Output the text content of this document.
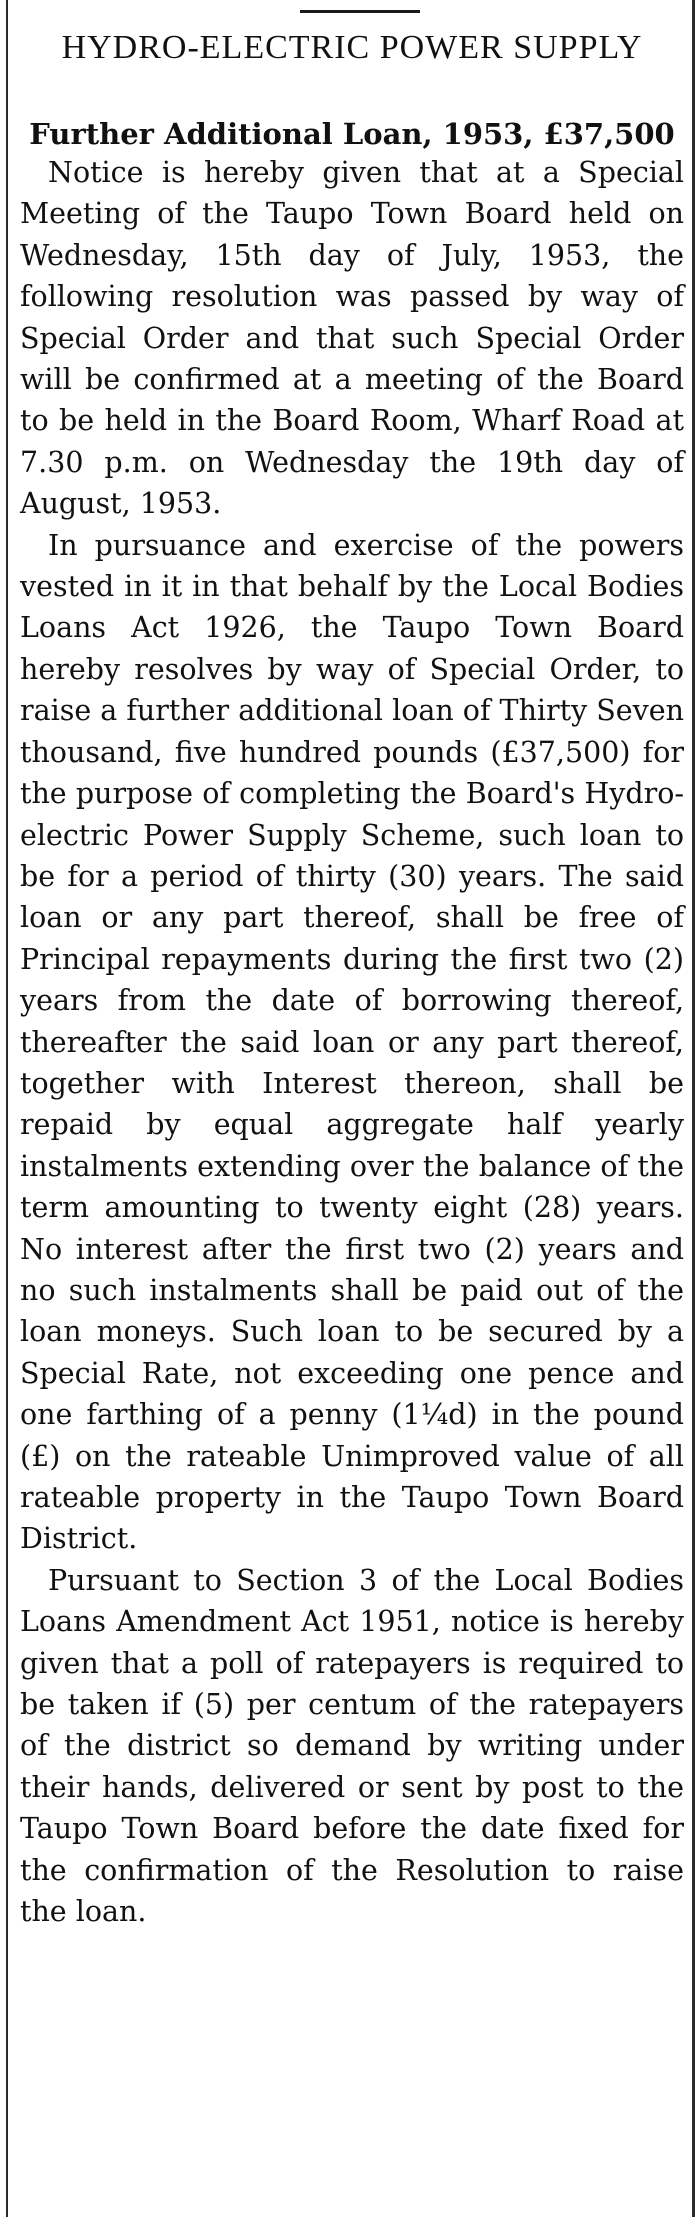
HYDRO-ELECTRIC POWER SUPPLY
Further Additional Loan, 1953, £37,500

Notice is hereby given that at a Special Meeting of the Taupo Town Board held on Wednesday, 15th day of July, 1953, the following resolution was passed by way of Special Order and that such Special Order will be confirmed at a meeting of the Board to be held in the Board Room, Wharf Road at 7.30 p.m. on Wednesday the 19th day of August, 1953.

In pursuance and exercise of the powers vested in it in that behalf by the Local Bodies Loans Act 1926, the Taupo Town Board hereby resolves by way of Special Order, to raise a further additional loan of Thirty Seven thousand, five hundred pounds (£37,500) for the purpose of completing the Board's Hydro-electric Power Supply Scheme, such loan to be for a period of thirty (30) years. The said loan or any part thereof, shall be free of Principal repayments during the first two (2) years from the date of borrowing thereof, thereafter the said loan or any part thereof, together with Interest thereon, shall be repaid by equal aggregate half yearly instalments extending over the balance of the term amounting to twenty eight (28) years. No interest after the first two (2) years and no such instalments shall be paid out of the loan moneys. Such loan to be secured by a Special Rate, not exceeding one pence and one farthing of a penny (1¼d) in the pound (£) on the rateable Unimproved value of all rateable property in the Taupo Town Board District.

Pursuant to Section 3 of the Local Bodies Loans Amendment Act 1951, notice is hereby given that a poll of ratepayers is required to be taken if (5) per centum of the ratepayers of the district so demand by writing under their hands, delivered or sent by post to the Taupo Town Board before the date fixed for the confirmation of the Resolution to raise the loan.
